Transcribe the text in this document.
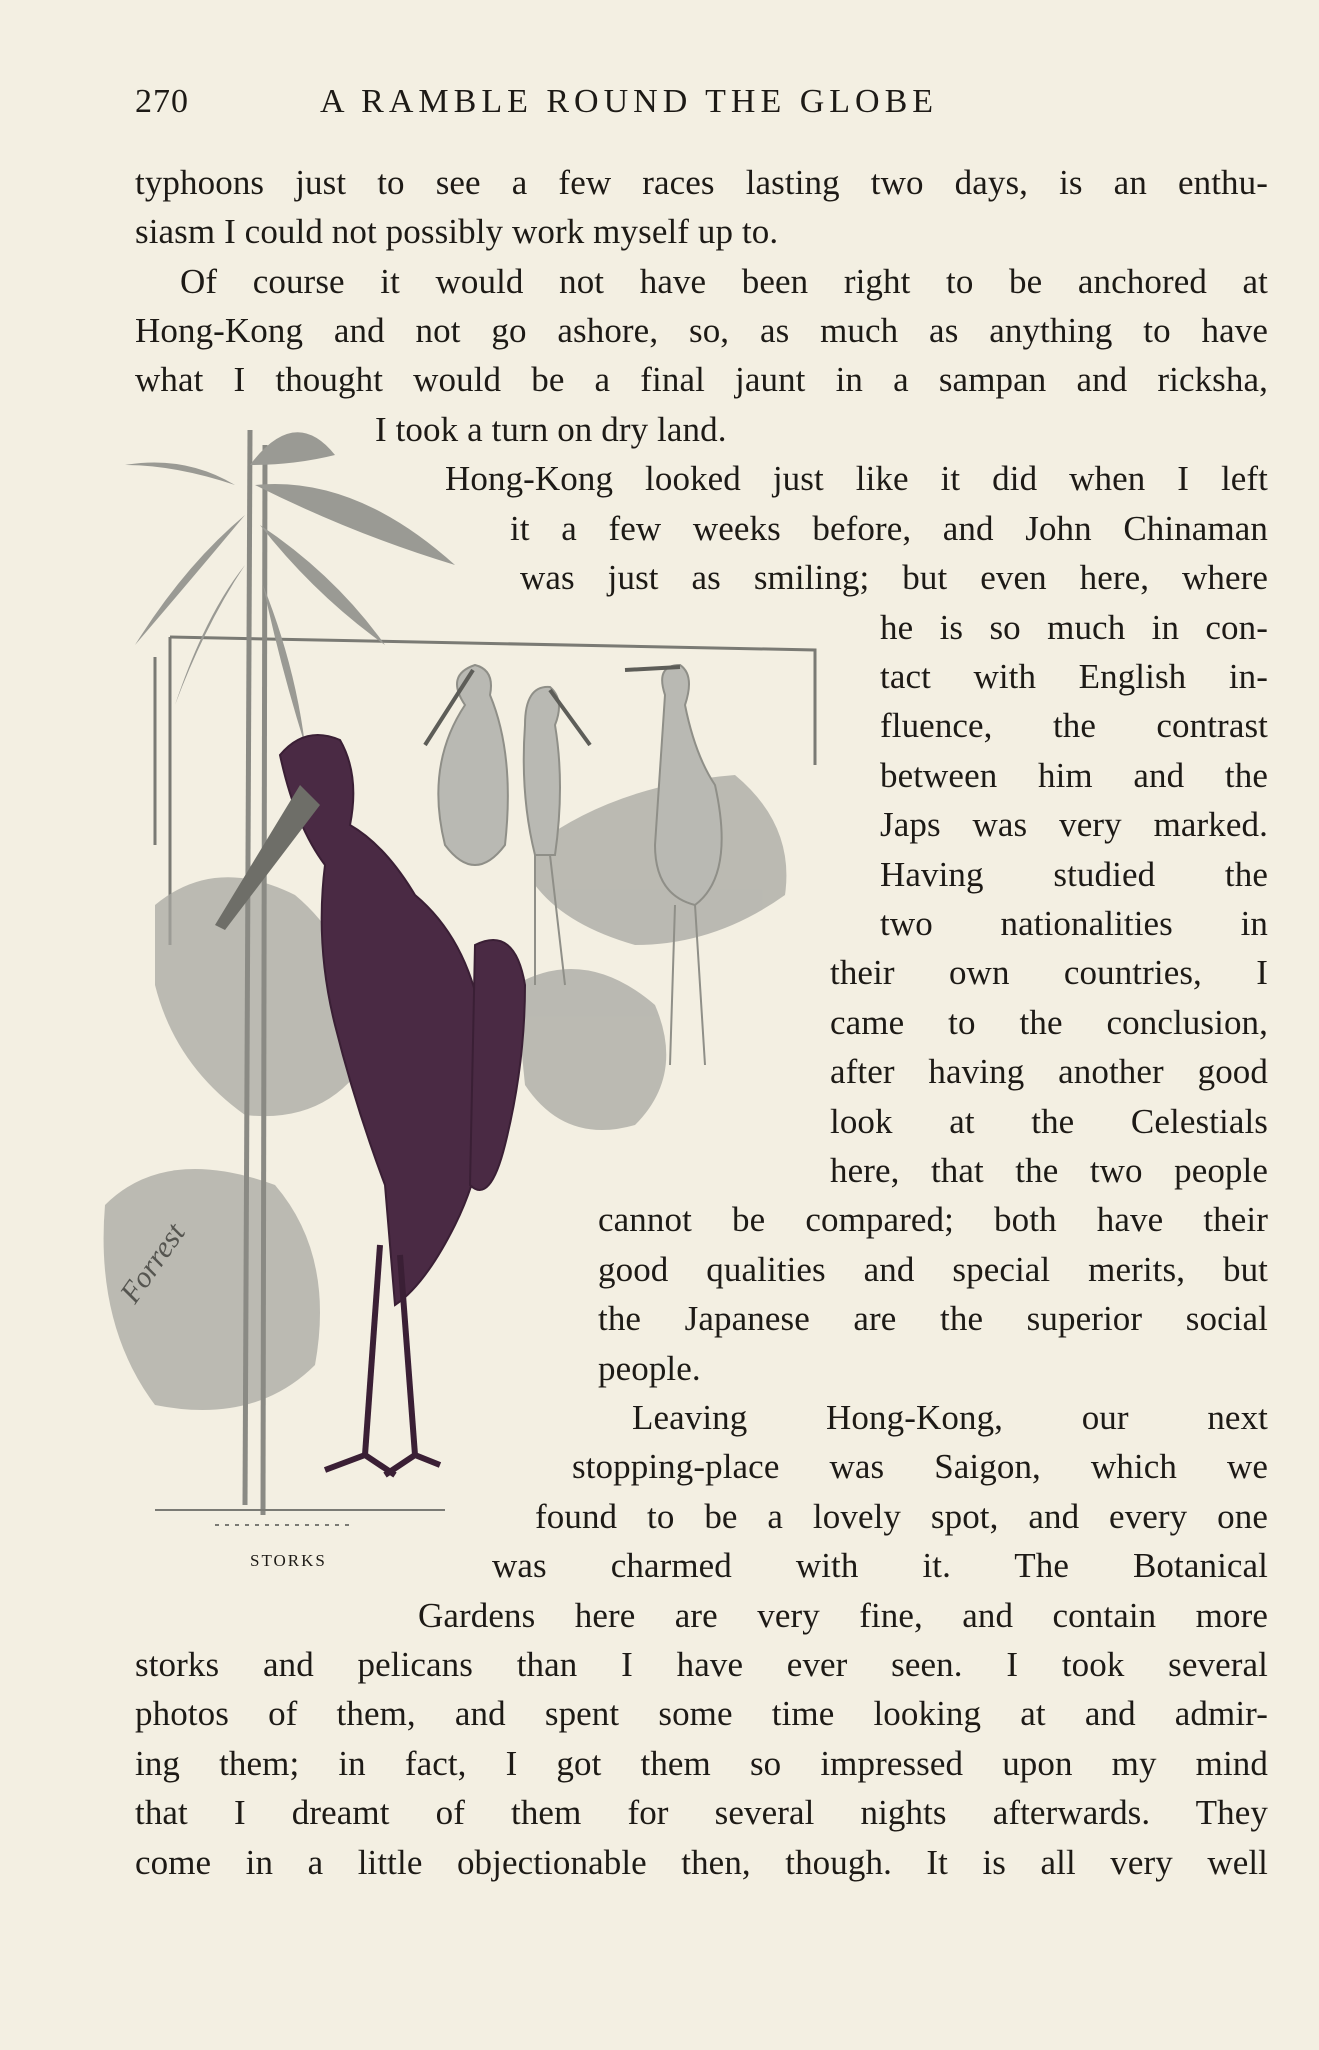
270	A RAMBLE ROUND THE GLOBE
Forrest
STORKS
typhoons just to see a few races lasting two days, is an enthu-
siasm I could not possibly work myself up to.
Of course it would not have been right to be anchored at
Hong-Kong and not go ashore, so, as much as anything to have
what I thought would be a final jaunt in a sampan and ricksha,
I took a turn on dry land.
Hong-Kong looked just like it did when I left
it a few weeks before, and John Chinaman
was just as smiling; but even here, where
he is so much in con-
tact with English in-
fluence, the contrast
between him and the
Japs was very marked.
Having studied the
two nationalities in
their own countries, I
came to the conclusion,
after having another good
look at the Celestials
here, that the two people
cannot be compared; both have their
good qualities and special merits, but
the Japanese are the superior social
people.
Leaving Hong-Kong, our next
stopping-place was Saigon, which we
found to be a lovely spot, and every one
was charmed with it. The Botanical
Gardens here are very fine, and contain more
storks and pelicans than I have ever seen. I took several
photos of them, and spent some time looking at and admir-
ing them; in fact, I got them so impressed upon my mind
that I dreamt of them for several nights afterwards. They
come in a little objectionable then, though. It is all very well
